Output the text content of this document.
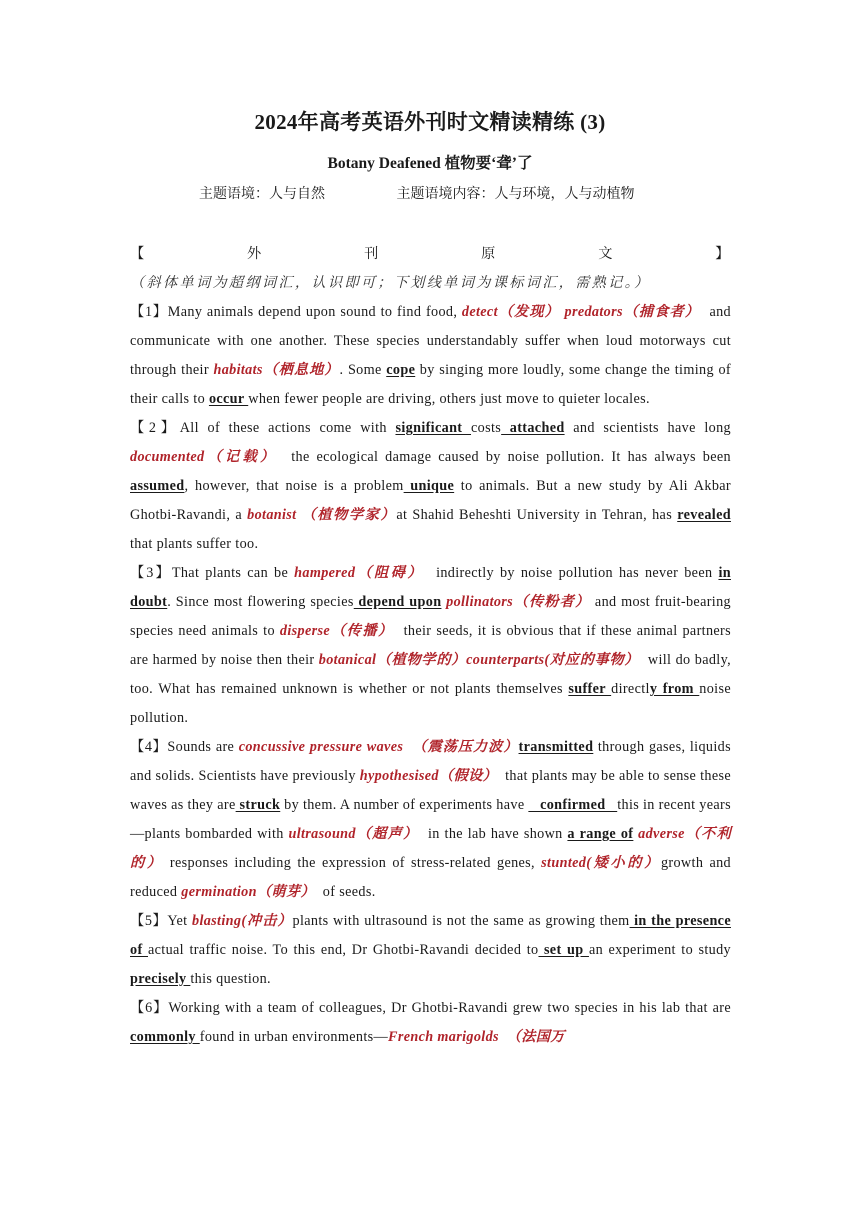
2024年高考英语外刊时文精读精练 (3)
Botany Deafened 植物要‘聋’了
主题语境：人与自然	主题语境内容：人与环境，人与动植物

【外刊原文】（斜体单词为超纲词汇，认识即可；下划线单词为课标词汇，需熟记。）

【1】Many animals depend upon sound to find food, detect（发现） predators（捕食者）  and communicate with one another. These species understandably suffer when loud motorways cut through their habitats（栖息地）. Some cope by singing more loudly, some change the timing of their calls to occur when fewer people are driving, others just move to quieter locales.

【2】All of these actions come with significant costs attached and scientists have long documented（记载）  the ecological damage caused by noise pollution. It has always been assumed, however, that noise is a problem unique to animals. But a new study by Ali Akbar Ghotbi-Ravandi, a botanist （植物学家）at Shahid Beheshti University in Tehran, has revealed that plants suffer too.

【3】That plants can be hampered（阻碍）  indirectly by noise pollution has never been in doubt. Since most flowering species depend upon pollinators（传粉者） and most fruit-bearing species need animals to disperse（传播）  their seeds, it is obvious that if these animal partners are harmed by noise then their botanical（植物学的）counterparts(对应的事物）  will do badly, too. What has remained unknown is whether or not plants themselves suffer directly from noise pollution.

【4】Sounds are concussive pressure waves  （震荡压力波）transmitted through gases, liquids and solids. Scientists have previously hypothesised（假设）  that plants may be able to sense these waves as they are struck by them. A number of experiments have    confirmed   this in recent years—plants bombarded with ultrasound（超声）  in the lab have shown a range of adverse（不利的） responses including the expression of stress-related genes, stunted(矮小的）growth and reduced germination（萌芽）  of seeds.

【5】Yet blasting(冲击）plants with ultrasound is not the same as growing them in the presence of actual traffic noise. To this end, Dr Ghotbi-Ravandi decided to set up an experiment to study precisely this question.

【6】Working with a team of colleagues, Dr Ghotbi-Ravandi grew two species in his lab that are commonly found in urban environments—French marigolds  （法国万
